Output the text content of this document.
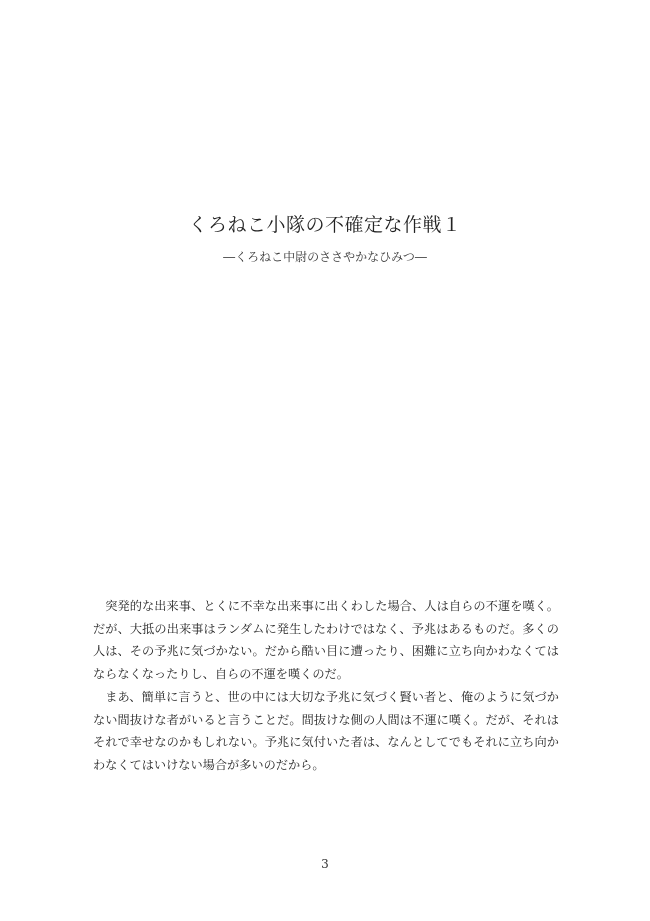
くろねこ小隊の不確定な作戦１
―くろねこ中尉のささやかなひみつ―

突発的な出来事、とくに不幸な出来事に出くわした場合、人は自らの不運を嘆く。だが、大抵の出来事はランダムに発生したわけではなく、予兆はあるものだ。多くの人は、その予兆に気づかない。だから酷い目に遭ったり、困難に立ち向かわなくてはならなくなったりし、自らの不運を嘆くのだ。

まあ、簡単に言うと、世の中には大切な予兆に気づく賢い者と、俺のように気づかない間抜けな者がいると言うことだ。間抜けな側の人間は不運に嘆く。だが、それはそれで幸せなのかもしれない。予兆に気付いた者は、なんとしてでもそれに立ち向かわなくてはいけない場合が多いのだから。

3
